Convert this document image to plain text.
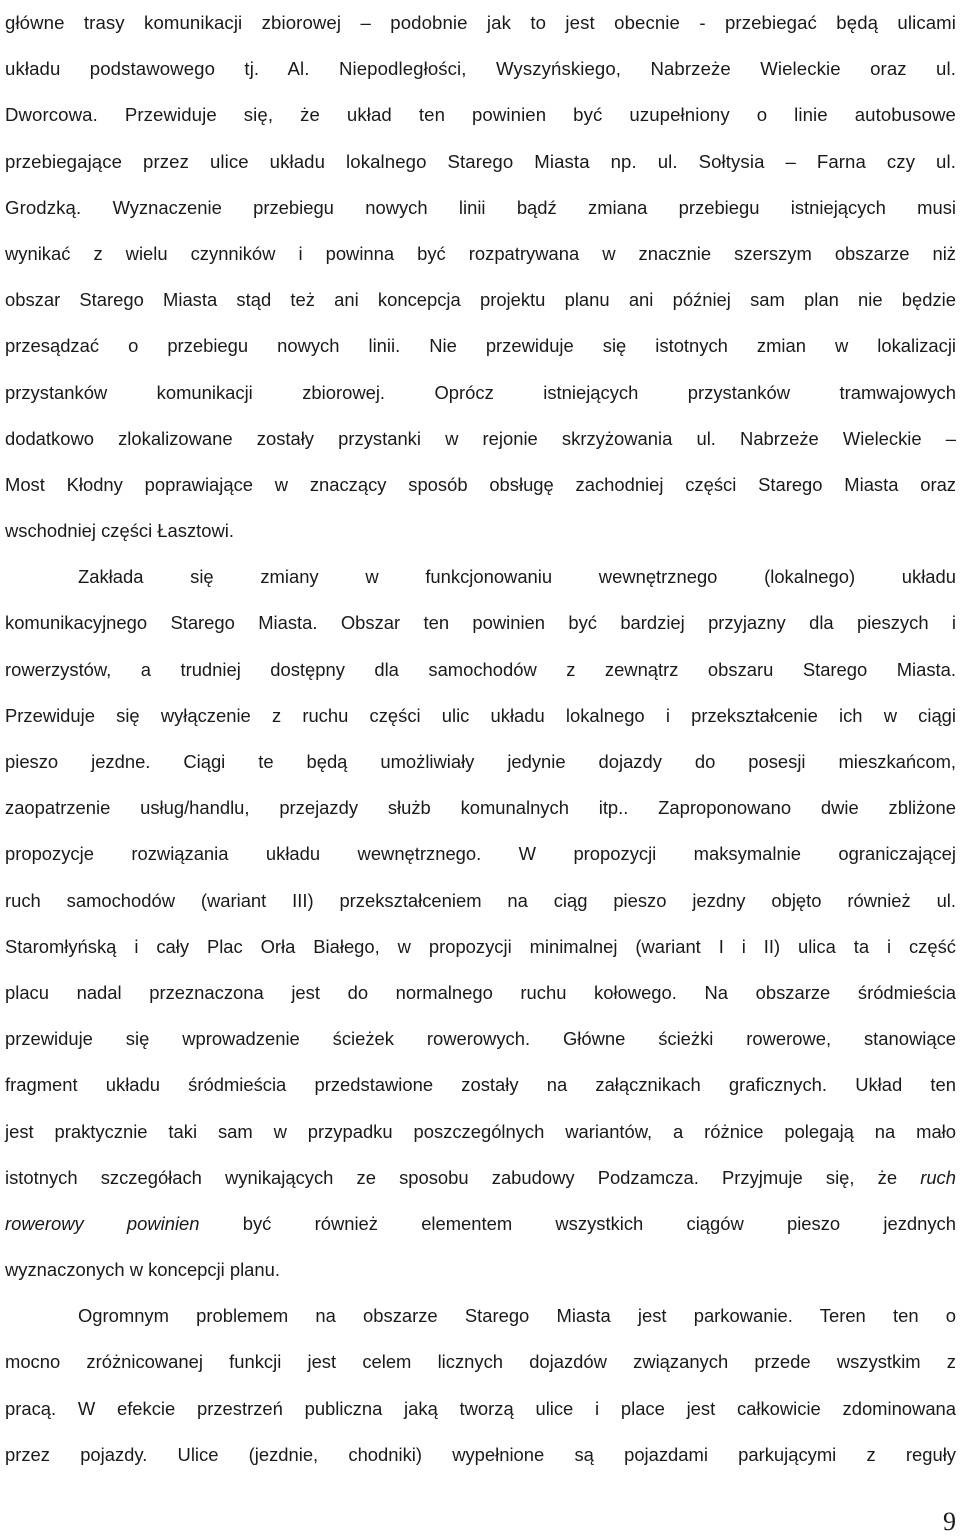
główne trasy komunikacji zbiorowej – podobnie jak to jest obecnie - przebiegać będą ulicami
układu podstawowego tj. Al. Niepodległości, Wyszyńskiego, Nabrzeże Wieleckie oraz ul.
Dworcowa. Przewiduje się, że układ ten powinien być uzupełniony o linie autobusowe
przebiegające przez ulice układu lokalnego Starego Miasta np. ul. Sołtysia – Farna czy ul.
Grodzką. Wyznaczenie przebiegu nowych linii bądź zmiana przebiegu istniejących musi
wynikać z wielu czynników i powinna być rozpatrywana w znacznie szerszym obszarze niż
obszar Starego Miasta stąd też ani koncepcja projektu planu ani później sam plan nie będzie
przesądzać o przebiegu nowych linii. Nie przewiduje się istotnych zmian w lokalizacji
przystanków komunikacji zbiorowej. Oprócz istniejących przystanków tramwajowych
dodatkowo zlokalizowane zostały przystanki w rejonie skrzyżowania ul. Nabrzeże Wieleckie –
Most Kłodny poprawiające w znaczący sposób obsługę zachodniej części Starego Miasta oraz
wschodniej części Łasztowi.
Zakłada się zmiany w funkcjonowaniu wewnętrznego (lokalnego) układu
komunikacyjnego Starego Miasta. Obszar ten powinien być bardziej przyjazny dla pieszych i
rowerzystów, a trudniej dostępny dla samochodów z zewnątrz obszaru Starego Miasta.
Przewiduje się wyłączenie z ruchu części ulic układu lokalnego i przekształcenie ich w ciągi
pieszo jezdne. Ciągi te będą umożliwiały jedynie dojazdy do posesji mieszkańcom,
zaopatrzenie usług/handlu, przejazdy służb komunalnych itp.. Zaproponowano dwie zbliżone
propozycje rozwiązania układu wewnętrznego. W propozycji maksymalnie ograniczającej
ruch samochodów (wariant III) przekształceniem na ciąg pieszo jezdny objęto również ul.
Staromłyńską i cały Plac Orła Białego, w propozycji minimalnej (wariant I i II) ulica ta i część
placu nadal przeznaczona jest do normalnego ruchu kołowego. Na obszarze śródmieścia
przewiduje się wprowadzenie ścieżek rowerowych. Główne ścieżki rowerowe, stanowiące
fragment układu śródmieścia przedstawione zostały na załącznikach graficznych. Układ ten
jest praktycznie taki sam w przypadku poszczególnych wariantów, a różnice polegają na mało
istotnych szczegółach wynikających ze sposobu zabudowy Podzamcza. Przyjmuje się, że ruch
rowerowy powinien być również elementem wszystkich ciągów pieszo jezdnych
wyznaczonych w koncepcji planu.
Ogromnym problemem na obszarze Starego Miasta jest parkowanie. Teren ten o
mocno zróżnicowanej funkcji jest celem licznych dojazdów związanych przede wszystkim z
pracą. W efekcie przestrzeń publiczna jaką tworzą ulice i place jest całkowicie zdominowana
przez pojazdy. Ulice (jezdnie, chodniki) wypełnione są pojazdami parkującymi z reguły
9
